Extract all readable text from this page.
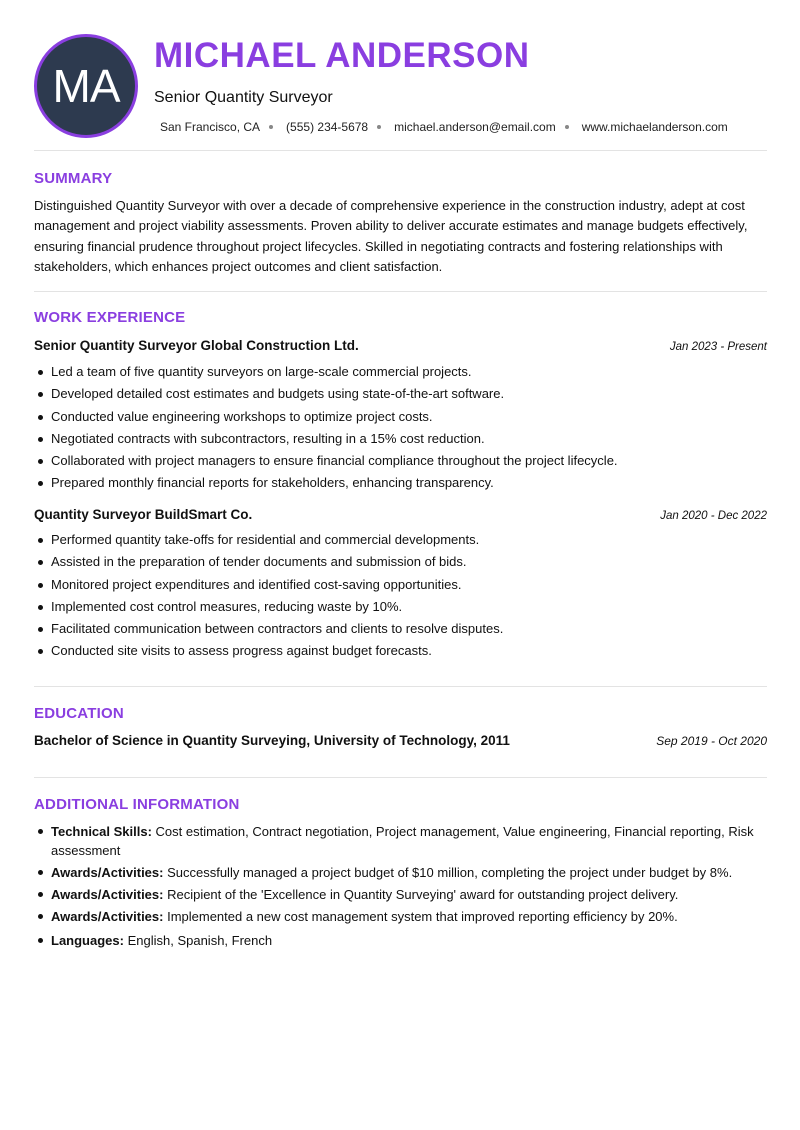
MA
MICHAEL ANDERSON
Senior Quantity Surveyor
San Francisco, CA (555) 234-5678 michael.anderson@email.com www.michaelanderson.com
SUMMARY

Distinguished Quantity Surveyor with over a decade of comprehensive experience in the construction industry, adept at cost management and project viability assessments. Proven ability to deliver accurate estimates and manage budgets effectively, ensuring financial prudence throughout project lifecycles. Skilled in negotiating contracts and fostering relationships with stakeholders, which enhances project outcomes and client satisfaction.

WORK EXPERIENCE
Senior Quantity Surveyor Global Construction Ltd.	Jan 2023 - Present
Led a team of five quantity surveyors on large-scale commercial projects.
Developed detailed cost estimates and budgets using state-of-the-art software.
Conducted value engineering workshops to optimize project costs.
Negotiated contracts with subcontractors, resulting in a 15% cost reduction.
Collaborated with project managers to ensure financial compliance throughout the project lifecycle.
Prepared monthly financial reports for stakeholders, enhancing transparency.
Quantity Surveyor BuildSmart Co.	Jan 2020 - Dec 2022
Performed quantity take-offs for residential and commercial developments.
Assisted in the preparation of tender documents and submission of bids.
Monitored project expenditures and identified cost-saving opportunities.
Implemented cost control measures, reducing waste by 10%.
Facilitated communication between contractors and clients to resolve disputes.
Conducted site visits to assess progress against budget forecasts.
EDUCATION
Bachelor of Science in Quantity Surveying, University of Technology, 2011	Sep 2019 - Oct 2020
ADDITIONAL INFORMATION
Technical Skills: Cost estimation, Contract negotiation, Project management, Value engineering, Financial reporting, Risk assessment
Awards/Activities: Successfully managed a project budget of $10 million, completing the project under budget by 8%.
Awards/Activities: Recipient of the 'Excellence in Quantity Surveying' award for outstanding project delivery.
Awards/Activities: Implemented a new cost management system that improved reporting efficiency by 20%.
Languages: English, Spanish, French
